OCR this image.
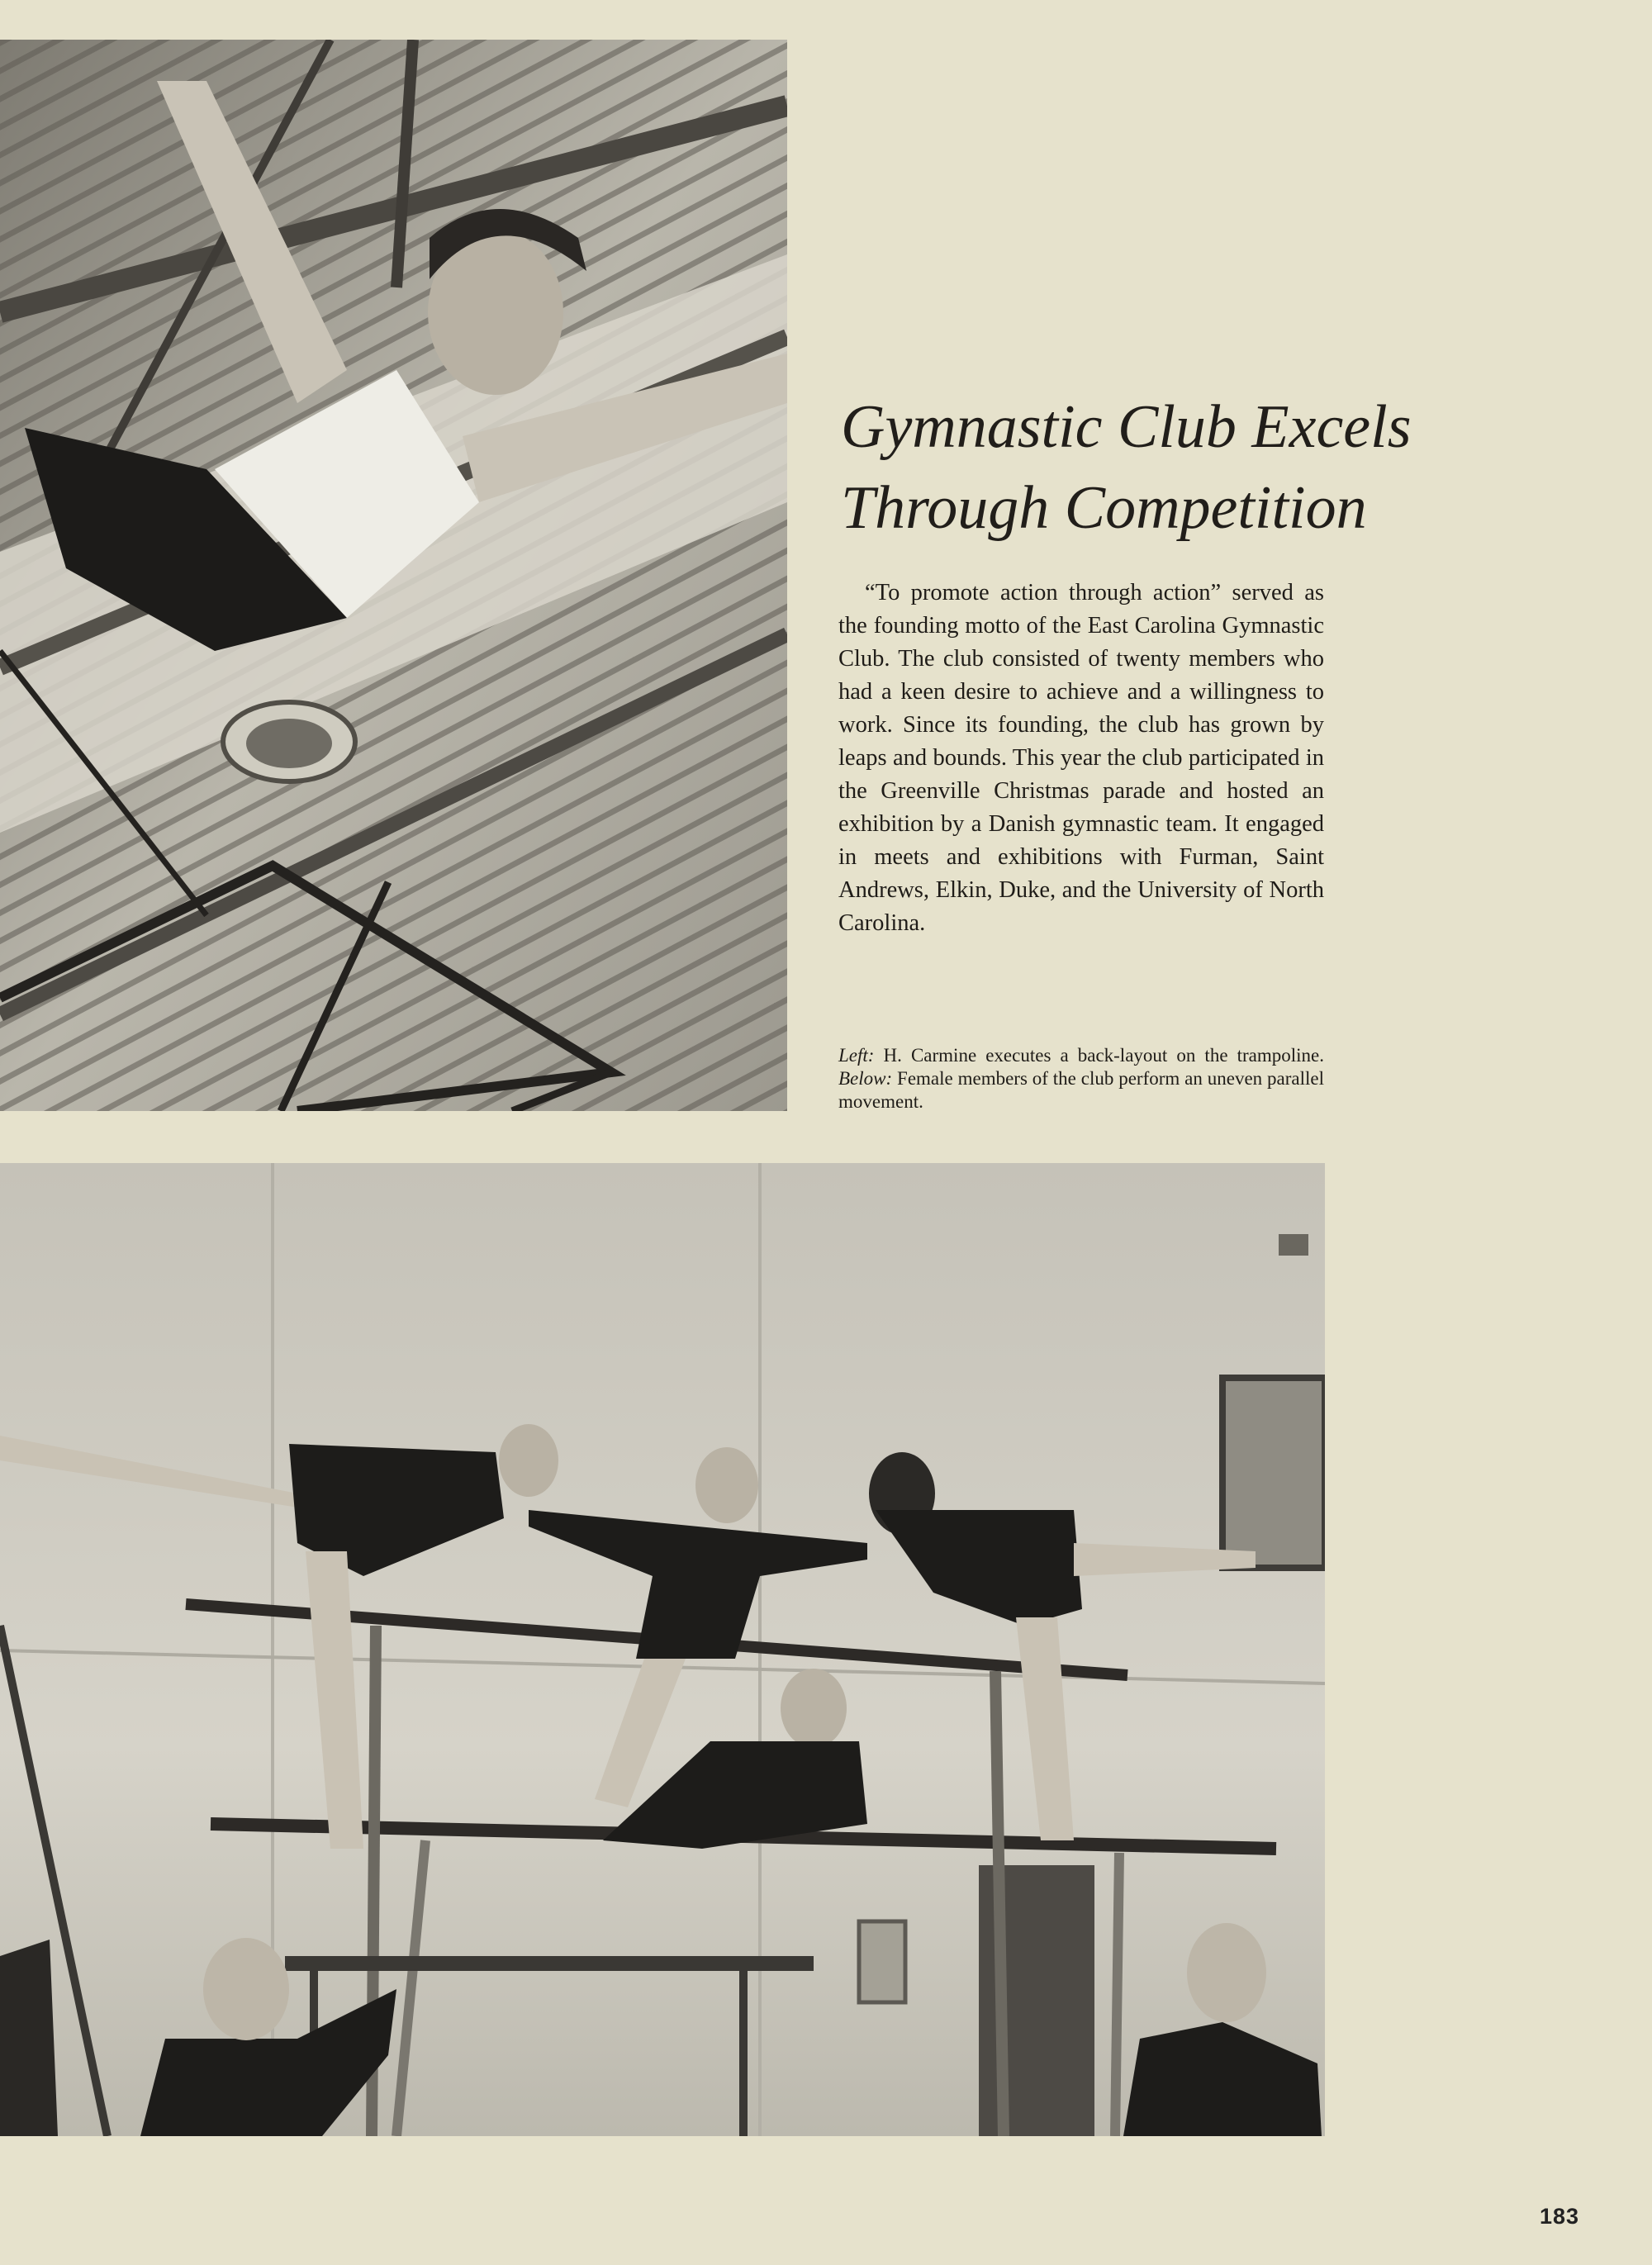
Gymnastic Club Excels
Through Competition

“To promote action through action” served as the founding motto of the East Carolina Gymnastic Club. The club consisted of twenty members who had a keen desire to achieve and a willingness to work. Since its founding, the club has grown by leaps and bounds. This year the club participated in the Greenville Christmas parade and hosted an exhibition by a Danish gymnastic team. It engaged in meets and exhibitions with Furman, Saint Andrews, Elkin, Duke, and the University of North Carolina.

Left: H. Carmine executes a back-layout on the trampoline. Below: Female members of the club perform an uneven parallel movement.

183
